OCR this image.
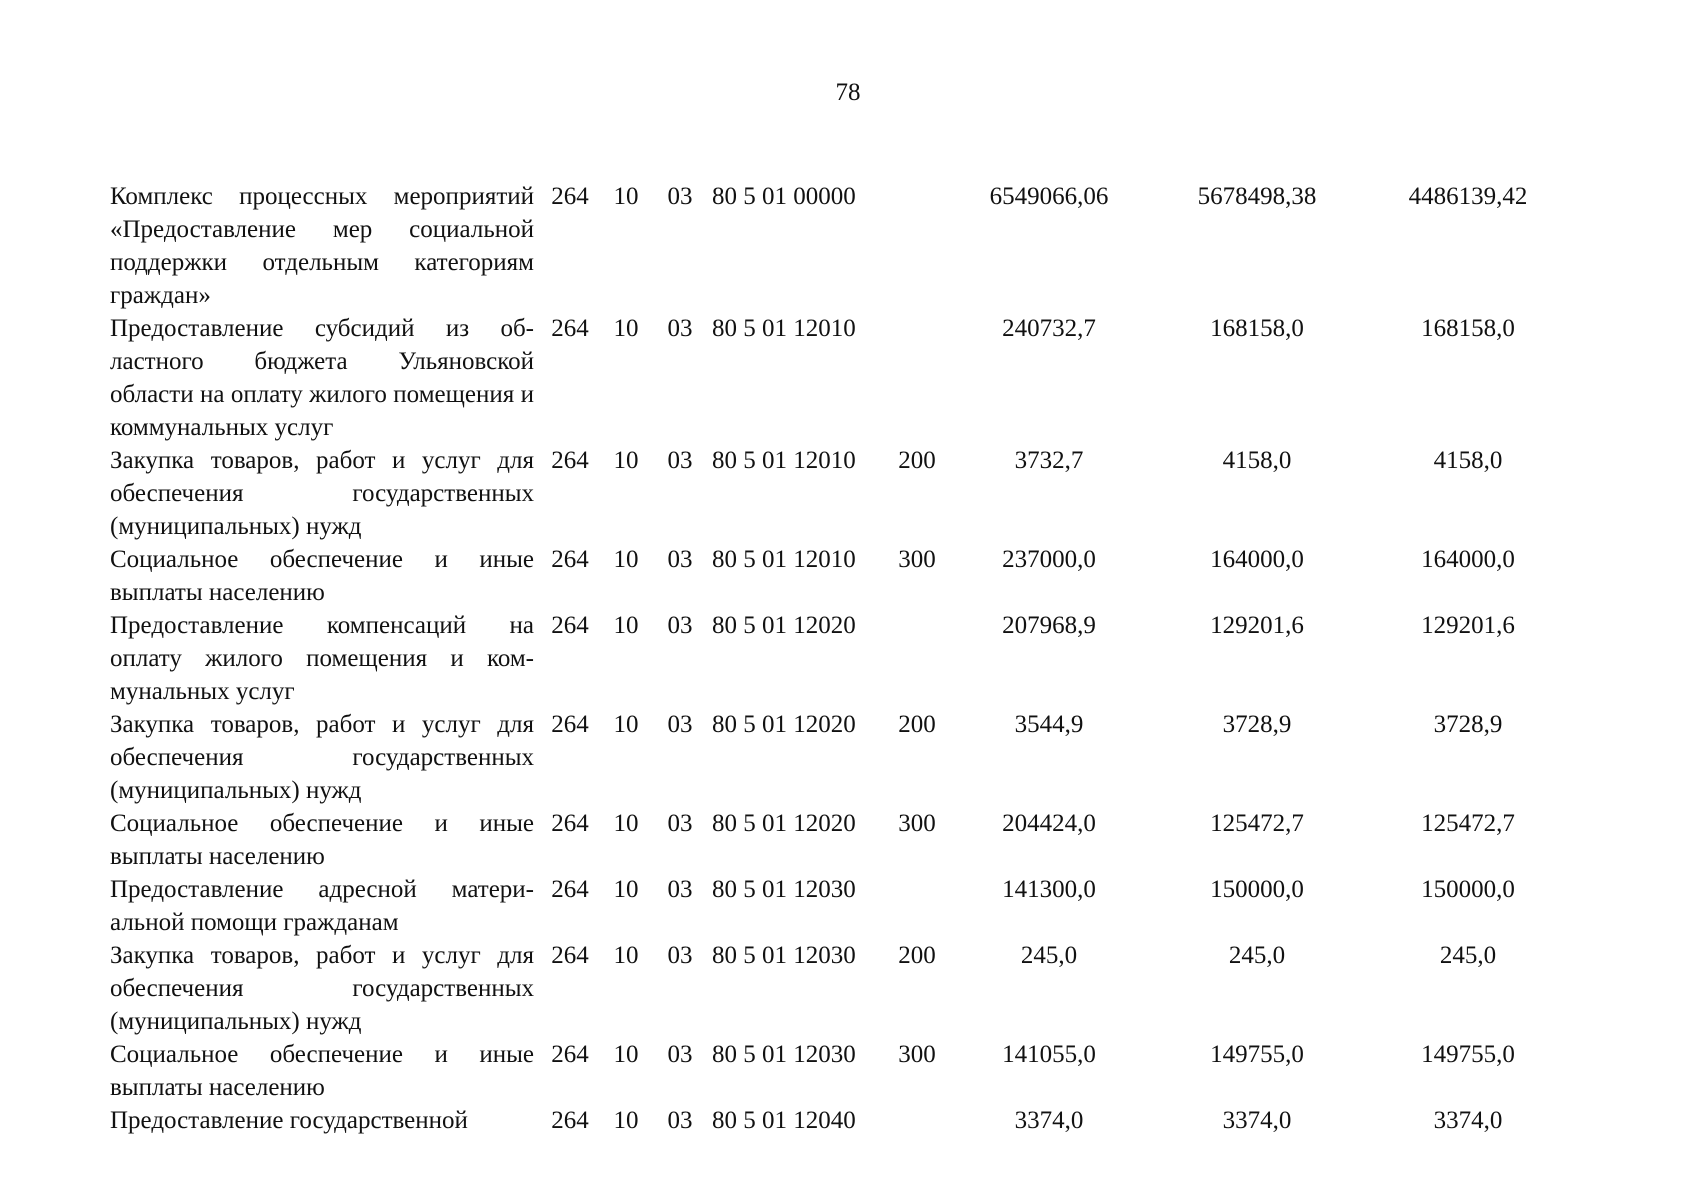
78
Комплекс процессных мероприятий «Предоставление мер социальной поддержки отдельным категориям граждан»	264	10	03	80 5 01 00000		6549066,06	5678498,38	4486139,42
Предоставление субсидий из областного бюджета Ульяновской области на оплату жилого помещения и коммунальных услуг	264	10	03	80 5 01 12010		240732,7	168158,0	168158,0
Закупка товаров, работ и услуг для обеспечения государственных (муниципальных) нужд	264	10	03	80 5 01 12010	200	3732,7	4158,0	4158,0
Социальное обеспечение и иные выплаты населению	264	10	03	80 5 01 12010	300	237000,0	164000,0	164000,0
Предоставление компенсаций на оплату жилого помещения и коммунальных услуг	264	10	03	80 5 01 12020		207968,9	129201,6	129201,6
Закупка товаров, работ и услуг для обеспечения государственных (муниципальных) нужд	264	10	03	80 5 01 12020	200	3544,9	3728,9	3728,9
Социальное обеспечение и иные выплаты населению	264	10	03	80 5 01 12020	300	204424,0	125472,7	125472,7
Предоставление адресной материальной помощи гражданам	264	10	03	80 5 01 12030		141300,0	150000,0	150000,0
Закупка товаров, работ и услуг для обеспечения государственных (муниципальных) нужд	264	10	03	80 5 01 12030	200	245,0	245,0	245,0
Социальное обеспечение и иные выплаты населению	264	10	03	80 5 01 12030	300	141055,0	149755,0	149755,0
Предоставление государственной	264	10	03	80 5 01 12040		3374,0	3374,0	3374,0
